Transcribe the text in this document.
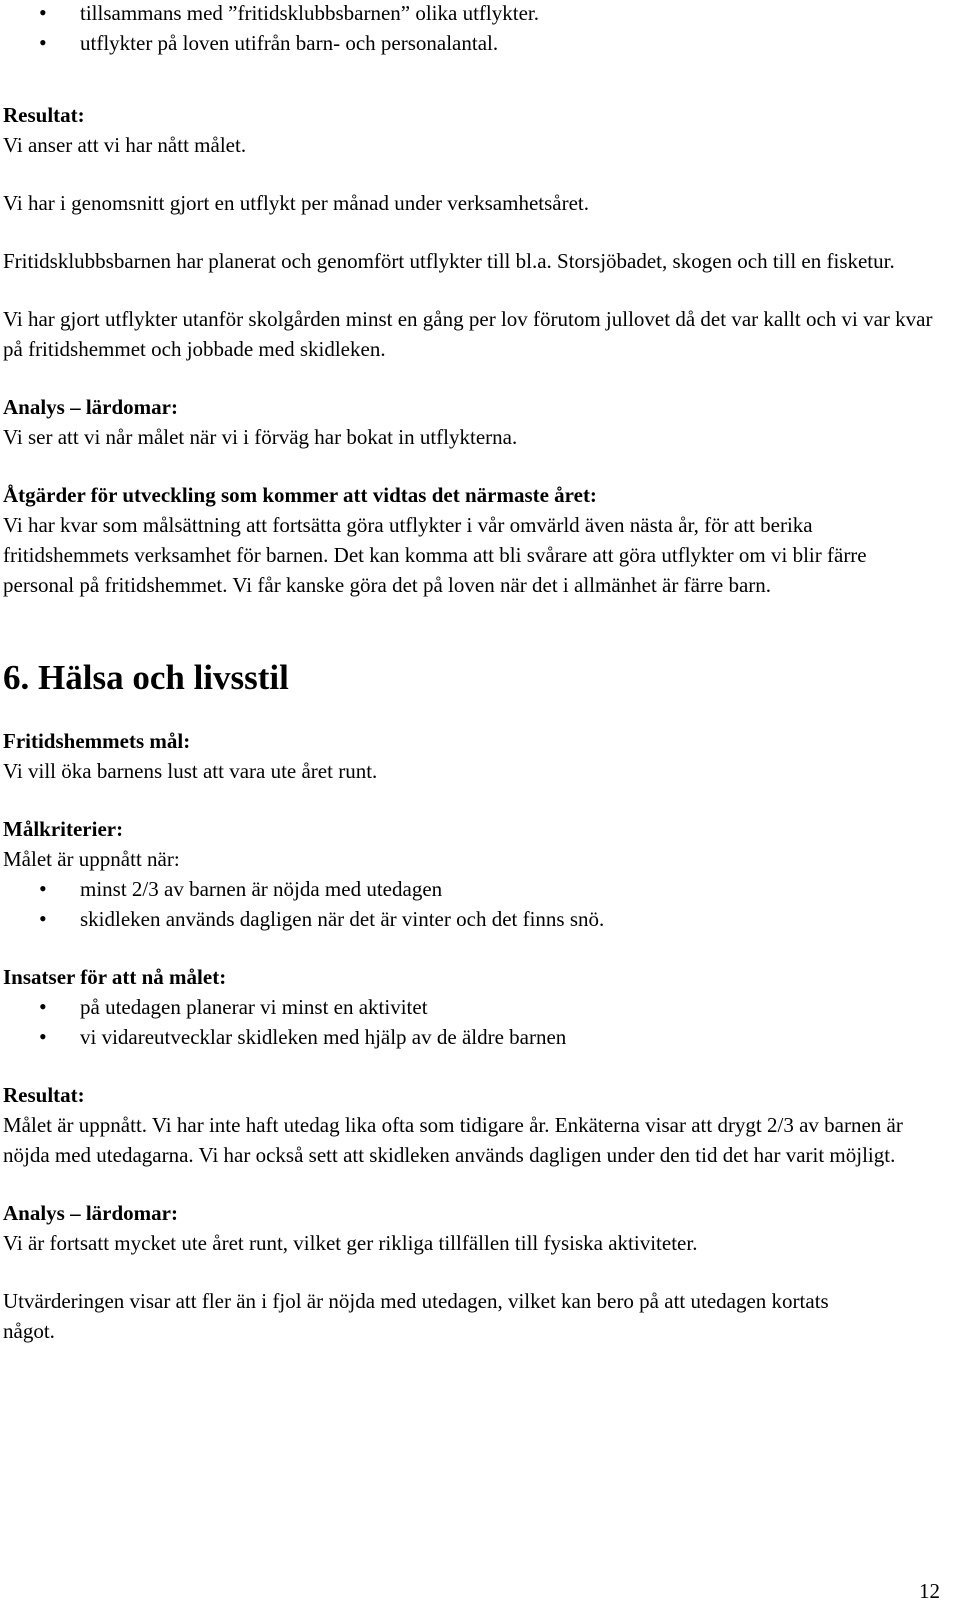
• tillsammans med ”fritidsklubbsbarnen” olika utflykter.
• utflykter på loven utifrån barn- och personalantal.

Resultat:

Vi anser att vi har nått målet.

Vi har i genomsnitt gjort en utflykt per månad under verksamhetsåret.

Fritidsklubbsbarnen har planerat och genomfört utflykter till bl.a. Storsjöbadet, skogen och till en fisketur.

Vi har gjort utflykter utanför skolgården minst en gång per lov förutom jullovet då det var kallt och vi var kvar på fritidshemmet och jobbade med skidleken.

Analys – lärdomar:

Vi ser att vi når målet när vi i förväg har bokat in utflykterna.

Åtgärder för utveckling som kommer att vidtas det närmaste året:

Vi har kvar som målsättning att fortsätta göra utflykter i vår omvärld även nästa år, för att berika fritidshemmets verksamhet för barnen. Det kan komma att bli svårare att göra utflykter om vi blir färre personal på fritidshemmet. Vi får kanske göra det på loven när det i allmänhet är färre barn.

6. Hälsa och livsstil

Fritidshemmets mål:

Vi vill öka barnens lust att vara ute året runt.

Målkriterier:

Målet är uppnått när:

• minst 2/3 av barnen är nöjda med utedagen
• skidleken används dagligen när det är vinter och det finns snö.

Insatser för att nå målet:

• på utedagen planerar vi minst en aktivitet
• vi vidareutvecklar skidleken med hjälp av de äldre barnen

Resultat:

Målet är uppnått. Vi har inte haft utedag lika ofta som tidigare år. Enkäterna visar att drygt 2/3 av barnen är nöjda med utedagarna. Vi har också sett att skidleken används dagligen under den tid det har varit möjligt.

Analys – lärdomar:

Vi är fortsatt mycket ute året runt, vilket ger rikliga tillfällen till fysiska aktiviteter.

Utvärderingen visar att fler än i fjol är nöjda med utedagen, vilket kan bero på att utedagen kortats något.

12
